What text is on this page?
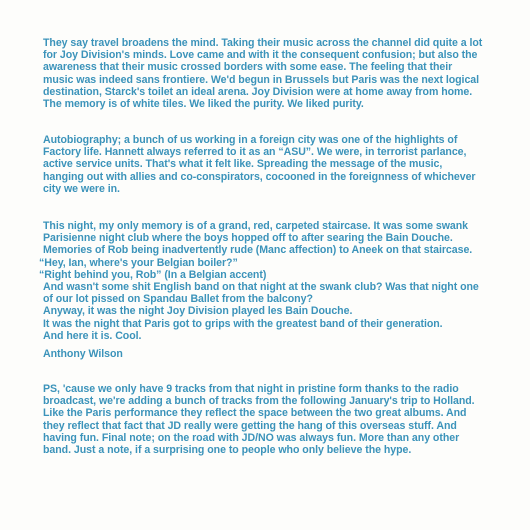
They say travel broadens the mind. Taking their music across the channel did quite a lot
for Joy Division's minds. Love came and with it the consequent confusion; but also the
awareness that their music crossed borders with some ease. The feeling that their
music was indeed sans frontiere. We'd begun in Brussels but Paris was the next logical
destination, Starck's toilet an ideal arena. Joy Division were at home away from home.
The memory is of white tiles. We liked the purity. We liked purity.
Autobiography; a bunch of us working in a foreign city was one of the highlights of
Factory life. Hannett always referred to it as an “ASU”. We were, in terrorist parlance,
active service units. That's what it felt like. Spreading the message of the music,
hanging out with allies and co-conspirators, cocooned in the foreignness of whichever
city we were in.
This night, my only memory is of a grand, red, carpeted staircase. It was some swank
Parisienne night club where the boys hopped off to after searing the Bain Douche.
Memories of Rob being inadvertently rude (Manc affection) to Aneek on that staircase.
“Hey, Ian, where's your Belgian boiler?”
“Right behind you, Rob” (In a Belgian accent)
And wasn't some shit English band on that night at the swank club? Was that night one
of our lot pissed on Spandau Ballet from the balcony?
Anyway, it was the night Joy Division played les Bain Douche.
It was the night that Paris got to grips with the greatest band of their generation.
And here it is. Cool.
Anthony Wilson
PS, 'cause we only have 9 tracks from that night in pristine form thanks to the radio
broadcast, we're adding a bunch of tracks from the following January's trip to Holland.
Like the Paris performance they reflect the space between the two great albums. And
they reflect that fact that JD really were getting the hang of this overseas stuff. And
having fun. Final note; on the road with JD/NO was always fun. More than any other
band. Just a note, if a surprising one to people who only believe the hype.
